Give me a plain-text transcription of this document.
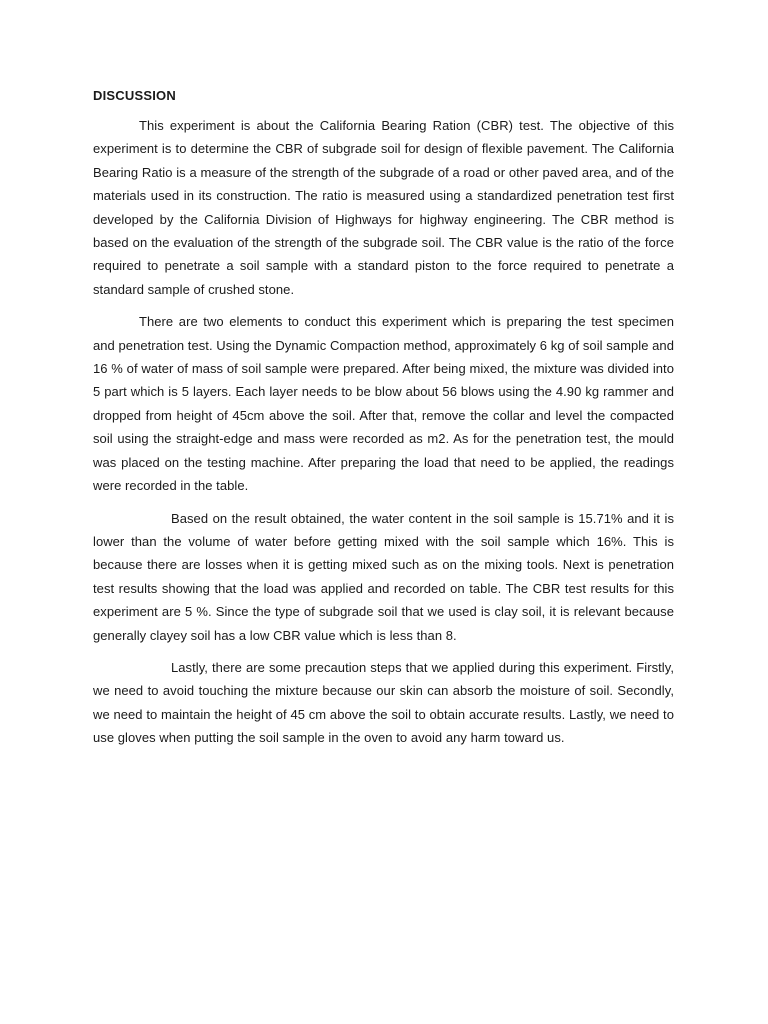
DISCUSSION

This experiment is about the California Bearing Ration (CBR) test. The objective of this experiment is to determine the CBR of subgrade soil for design of flexible pavement. The California Bearing Ratio is a measure of the strength of the subgrade of a road or other paved area, and of the materials used in its construction. The ratio is measured using a standardized penetration test first developed by the California Division of Highways for highway engineering. The CBR method is based on the evaluation of the strength of the subgrade soil. The CBR value is the ratio of the force required to penetrate a soil sample with a standard piston to the force required to penetrate a standard sample of crushed stone.

There are two elements to conduct this experiment which is preparing the test specimen and penetration test. Using the Dynamic Compaction method, approximately 6 kg of soil sample and 16 % of water of mass of soil sample were prepared. After being mixed, the mixture was divided into 5 part which is 5 layers. Each layer needs to be blow about 56 blows using the 4.90 kg rammer and dropped from height of 45cm above the soil. After that, remove the collar and level the compacted soil using the straight-edge and mass were recorded as m2. As for the penetration test, the mould was placed on the testing machine. After preparing the load that need to be applied, the readings were recorded in the table.

Based on the result obtained, the water content in the soil sample is 15.71% and it is lower than the volume of water before getting mixed with the soil sample which 16%. This is because there are losses when it is getting mixed such as on the mixing tools. Next is penetration test results showing that the load was applied and recorded on table. The CBR test results for this experiment are 5 %. Since the type of subgrade soil that we used is clay soil, it is relevant because generally clayey soil has a low CBR value which is less than 8.

Lastly, there are some precaution steps that we applied during this experiment. Firstly, we need to avoid touching the mixture because our skin can absorb the moisture of soil. Secondly, we need to maintain the height of 45 cm above the soil to obtain accurate results. Lastly, we need to use gloves when putting the soil sample in the oven to avoid any harm toward us.
